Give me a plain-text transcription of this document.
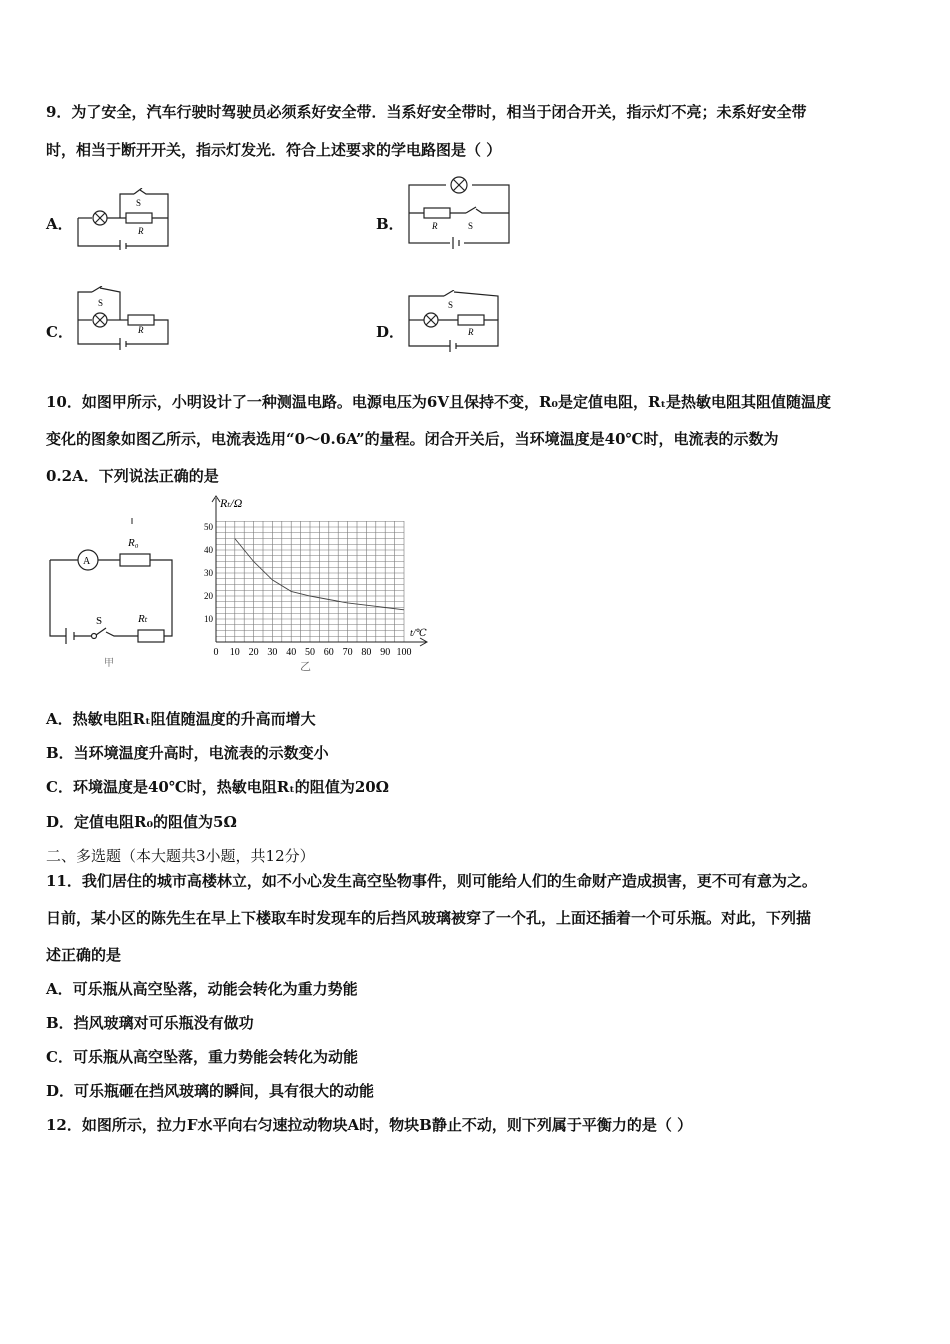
9．为了安全，汽车行驶时驾驶员必须系好安全带．当系好安全带时，相当于闭合开关，指示灯不亮；未系好安全带
时，相当于断开开关，指示灯发光．符合上述要求的学电路图是（ ）
A．	B．
C．	D．
S
R	R	S
S
R
S
R
10．如图甲所示，小明设计了一种测温电路。电源电压为6V且保持不变，R₀是定值电阻，Rₜ是热敏电阻其阻值随温度
变化的图象如图乙所示，电流表选用“0～0.6A”的量程。闭合开关后，当环境温度是40℃时，电流表的示数为
0.2A．下列说法正确的是
A
R₀
S	Rₜ
甲
0 10 20 30 40 50 60 70 80 90 100
10
20
30
40
50
Rₜ/Ω
t/℃
乙
A．热敏电阻Rₜ阻值随温度的升高而增大
B．当环境温度升高时，电流表的示数变小
C．环境温度是40℃时，热敏电阻Rₜ的阻值为20Ω
D．定值电阻R₀的阻值为5Ω
二、多选题（本大题共3小题，共12分）
11．我们居住的城市高楼林立，如不小心发生高空坠物事件，则可能给人们的生命财产造成损害，更不可有意为之。
日前，某小区的陈先生在早上下楼取车时发现车的后挡风玻璃被穿了一个孔，上面还插着一个可乐瓶。对此，下列描
述正确的是
A．可乐瓶从高空坠落，动能会转化为重力势能
B．挡风玻璃对可乐瓶没有做功
C．可乐瓶从高空坠落，重力势能会转化为动能
D．可乐瓶砸在挡风玻璃的瞬间，具有很大的动能
12．如图所示，拉力F水平向右匀速拉动物块A时，物块B静止不动，则下列属于平衡力的是（ ）
